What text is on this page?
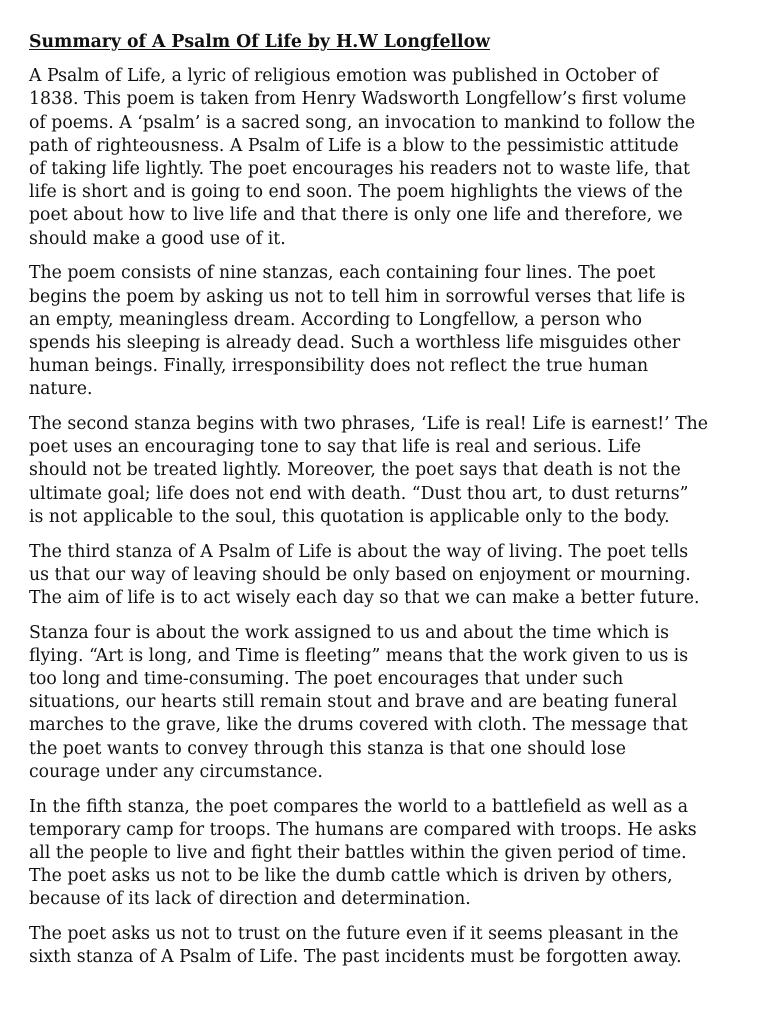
Summary of A Psalm Of Life by H.W Longfellow
A Psalm of Life, a lyric of religious emotion was published in October of
1838. This poem is taken from Henry Wadsworth Longfellow’s first volume
of poems. A ‘psalm’ is a sacred song, an invocation to mankind to follow the
path of righteousness. A Psalm of Life is a blow to the pessimistic attitude
of taking life lightly. The poet encourages his readers not to waste life, that
life is short and is going to end soon. The poem highlights the views of the
poet about how to live life and that there is only one life and therefore, we
should make a good use of it.
The poem consists of nine stanzas, each containing four lines. The poet
begins the poem by asking us not to tell him in sorrowful verses that life is
an empty, meaningless dream. According to Longfellow, a person who
spends his sleeping is already dead. Such a worthless life misguides other
human beings. Finally, irresponsibility does not reflect the true human
nature.
The second stanza begins with two phrases, ‘Life is real! Life is earnest!’ The
poet uses an encouraging tone to say that life is real and serious. Life
should not be treated lightly. Moreover, the poet says that death is not the
ultimate goal; life does not end with death. “Dust thou art, to dust returns”
is not applicable to the soul, this quotation is applicable only to the body.
The third stanza of A Psalm of Life is about the way of living. The poet tells
us that our way of leaving should be only based on enjoyment or mourning.
The aim of life is to act wisely each day so that we can make a better future.
Stanza four is about the work assigned to us and about the time which is
flying. “Art is long, and Time is fleeting” means that the work given to us is
too long and time-consuming. The poet encourages that under such
situations, our hearts still remain stout and brave and are beating funeral
marches to the grave, like the drums covered with cloth. The message that
the poet wants to convey through this stanza is that one should lose
courage under any circumstance.
In the fifth stanza, the poet compares the world to a battlefield as well as a
temporary camp for troops. The humans are compared with troops. He asks
all the people to live and fight their battles within the given period of time.
The poet asks us not to be like the dumb cattle which is driven by others,
because of its lack of direction and determination.
The poet asks us not to trust on the future even if it seems pleasant in the
sixth stanza of A Psalm of Life. The past incidents must be forgotten away.
